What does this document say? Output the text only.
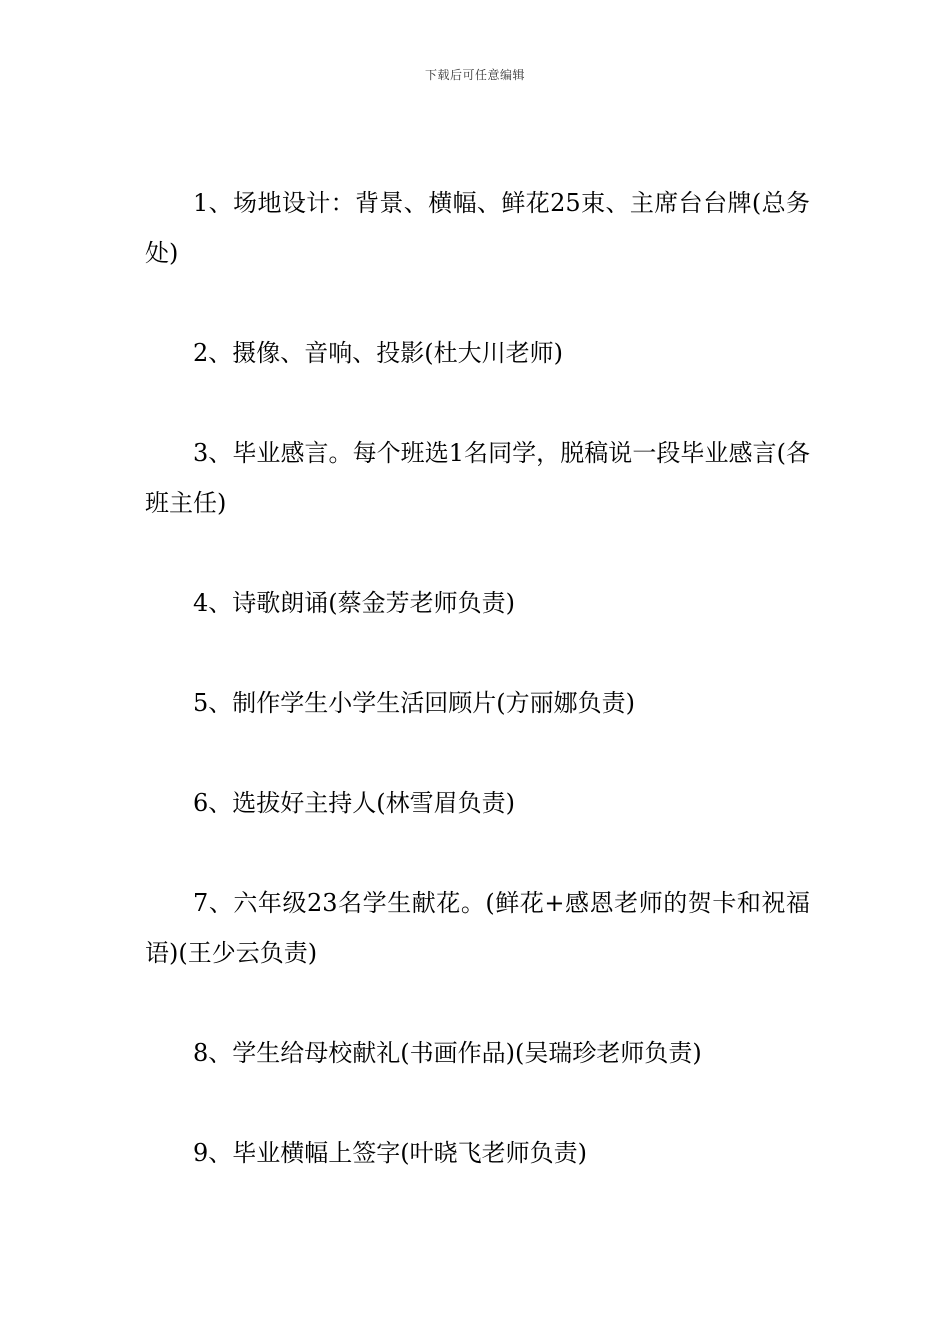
下载后可任意编辑

1、场地设计：背景、横幅、鲜花25束、主席台台牌(总务处)

2、摄像、音响、投影(杜大川老师)

3、毕业感言。每个班选1名同学，脱稿说一段毕业感言(各班主任)

4、诗歌朗诵(蔡金芳老师负责)

5、制作学生小学生活回顾片(方丽娜负责)

6、选拔好主持人(林雪眉负责)

7、六年级23名学生献花。(鲜花+感恩老师的贺卡和祝福语)(王少云负责)

8、学生给母校献礼(书画作品)(吴瑞珍老师负责)

9、毕业横幅上签字(叶晓飞老师负责)
